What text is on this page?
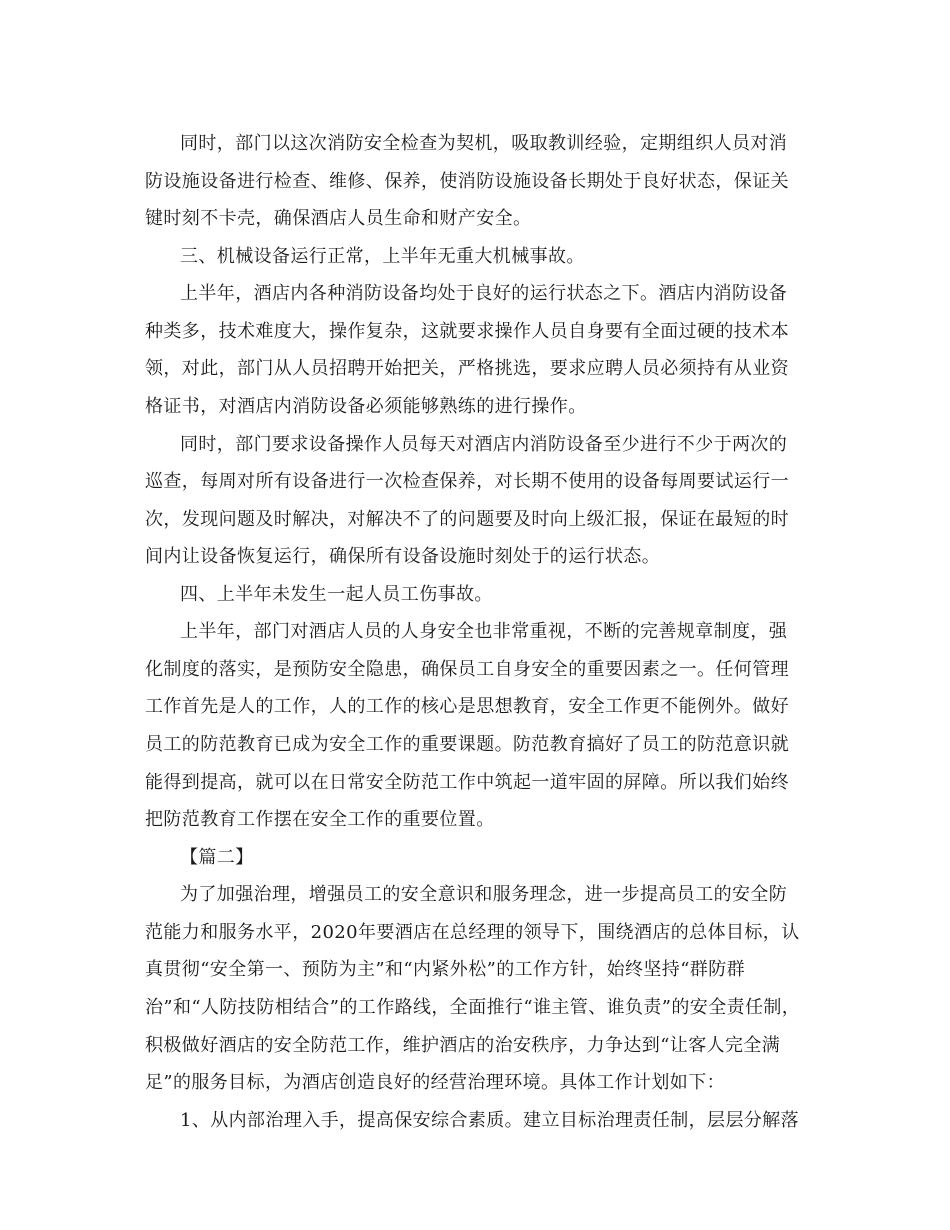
同时，部门以这次消防安全检查为契机，吸取教训经验，定期组织人员对消
防设施设备进行检查、维修、保养，使消防设施设备长期处于良好状态，保证关
键时刻不卡壳，确保酒店人员生命和财产安全。
三、机械设备运行正常，上半年无重大机械事故。
上半年，酒店内各种消防设备均处于良好的运行状态之下。酒店内消防设备
种类多，技术难度大，操作复杂，这就要求操作人员自身要有全面过硬的技术本
领，对此，部门从人员招聘开始把关，严格挑选，要求应聘人员必须持有从业资
格证书，对酒店内消防设备必须能够熟练的进行操作。
同时，部门要求设备操作人员每天对酒店内消防设备至少进行不少于两次的
巡查，每周对所有设备进行一次检查保养，对长期不使用的设备每周要试运行一
次，发现问题及时解决，对解决不了的问题要及时向上级汇报，保证在最短的时
间内让设备恢复运行，确保所有设备设施时刻处于的运行状态。
四、上半年未发生一起人员工伤事故。
上半年，部门对酒店人员的人身安全也非常重视，不断的完善规章制度，强
化制度的落实，是预防安全隐患，确保员工自身安全的重要因素之一。任何管理
工作首先是人的工作，人的工作的核心是思想教育，安全工作更不能例外。做好
员工的防范教育已成为安全工作的重要课题。防范教育搞好了员工的防范意识就
能得到提高，就可以在日常安全防范工作中筑起一道牢固的屏障。所以我们始终
把防范教育工作摆在安全工作的重要位置。
【篇二】
为了加强治理，增强员工的安全意识和服务理念，进一步提高员工的安全防
范能力和服务水平，2020年要酒店在总经理的领导下，围绕酒店的总体目标，认
真贯彻“安全第一、预防为主”和“内紧外松”的工作方针，始终坚持“群防群
治”和“人防技防相结合”的工作路线，全面推行“谁主管、谁负责”的安全责任制，
积极做好酒店的安全防范工作，维护酒店的治安秩序，力争达到“让客人完全满
足”的服务目标，为酒店创造良好的经营治理环境。具体工作计划如下：
1、从内部治理入手，提高保安综合素质。建立目标治理责任制，层层分解落
